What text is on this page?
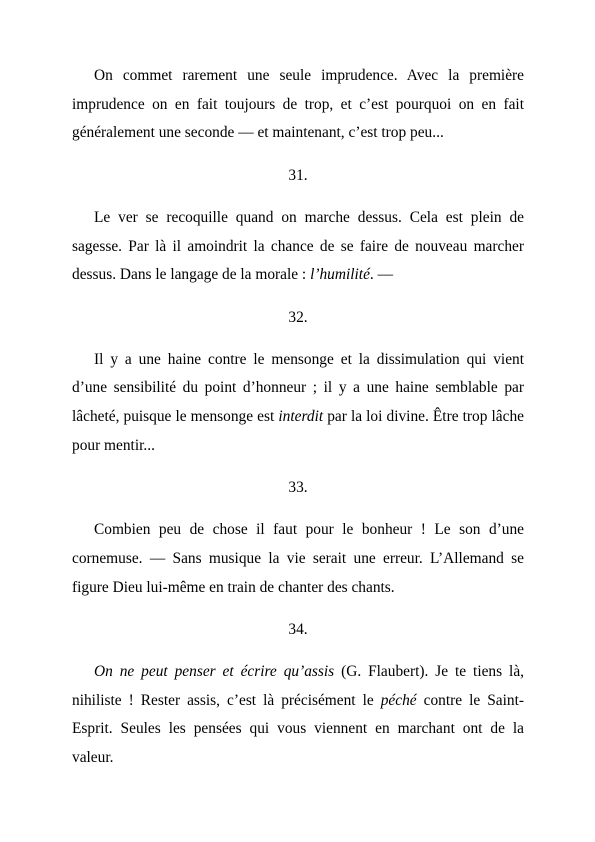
On commet rarement une seule imprudence. Avec la première imprudence on en fait toujours de trop, et c’est pourquoi on en fait généralement une seconde — et maintenant, c’est trop peu...

31.

Le ver se recoquille quand on marche dessus. Cela est plein de sagesse. Par là il amoindrit la chance de se faire de nouveau marcher dessus. Dans le langage de la morale : l’humilité. —

32.

Il y a une haine contre le mensonge et la dissimulation qui vient d’une sensibilité du point d’honneur ; il y a une haine semblable par lâcheté, puisque le mensonge est interdit par la loi divine. Être trop lâche pour mentir...

33.

Combien peu de chose il faut pour le bonheur ! Le son d’une cornemuse. — Sans musique la vie serait une erreur. L’Allemand se figure Dieu lui-même en train de chanter des chants.

34.

On ne peut penser et écrire qu’assis (G. Flaubert). Je te tiens là, nihiliste ! Rester assis, c’est là précisément le péché contre le Saint-Esprit. Seules les pensées qui vous viennent en marchant ont de la valeur.
